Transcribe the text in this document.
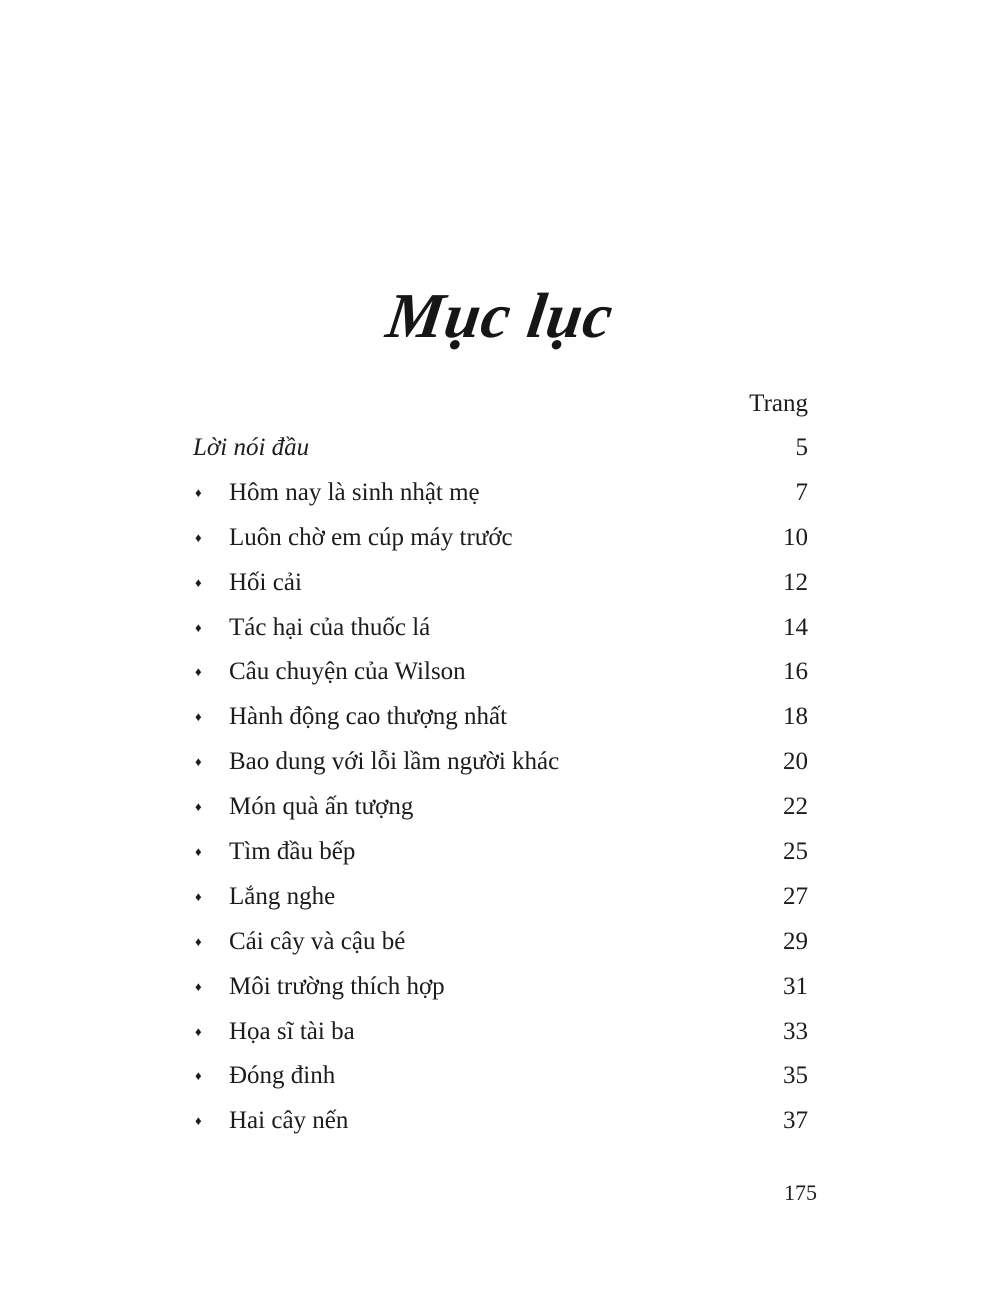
Mục lục
Trang
Lời nói đầu	5
♦	Hôm nay là sinh nhật mẹ	7
♦	Luôn chờ em cúp máy trước	10
♦	Hối cải	12
♦	Tác hại của thuốc lá	14
♦	Câu chuyện của Wilson	16
♦	Hành động cao thượng nhất	18
♦	Bao dung với lỗi lầm người khác	20
♦	Món quà ấn tượng	22
♦	Tìm đầu bếp	25
♦	Lắng nghe	27
♦	Cái cây và cậu bé	29
♦	Môi trường thích hợp	31
♦	Họa sĩ tài ba	33
♦	Đóng đinh	35
♦	Hai cây nến	37
175
